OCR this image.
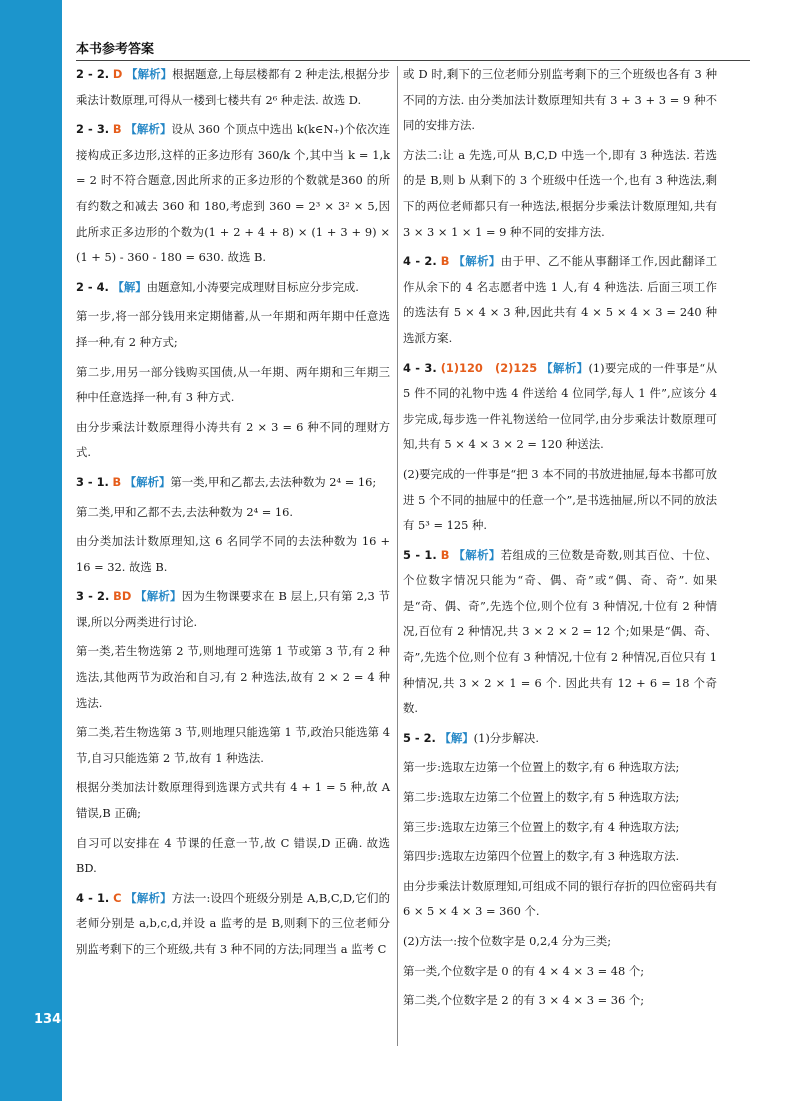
134
本书参考答案

2 - 2. D 【解析】根据题意,上每层楼都有 2 种走法,根据分步乘法计数原理,可得从一楼到七楼共有 2⁶ 种走法. 故选 D.

2 - 3. B 【解析】设从 360 个顶点中选出 k(k∈N₊)个依次连接构成正多边形,这样的正多边形有 360/k 个,其中当 k = 1,k = 2 时不符合题意,因此所求的正多边形的个数就是360 的所有约数之和减去 360 和 180,考虑到 360 = 2³ × 3² × 5,因此所求正多边形的个数为(1 + 2 + 4 + 8) × (1 + 3 + 9) × (1 + 5) - 360 - 180 = 630. 故选 B.

2 - 4. 【解】由题意知,小涛要完成理财目标应分步完成.

第一步,将一部分钱用来定期储蓄,从一年期和两年期中任意选择一种,有 2 种方式;

第二步,用另一部分钱购买国债,从一年期、两年期和三年期三种中任意选择一种,有 3 种方式.

由分步乘法计数原理得小涛共有 2 × 3 = 6 种不同的理财方式.

3 - 1. B 【解析】第一类,甲和乙都去,去法种数为 2⁴ = 16;

第二类,甲和乙都不去,去法种数为 2⁴ = 16.

由分类加法计数原理知,这 6 名同学不同的去法种数为 16 + 16 = 32. 故选 B.

3 - 2. BD 【解析】因为生物课要求在 B 层上,只有第 2,3 节课,所以分两类进行讨论.

第一类,若生物选第 2 节,则地理可选第 1 节或第 3 节,有 2 种选法,其他两节为政治和自习,有 2 种选法,故有 2 × 2 = 4 种选法.

第二类,若生物选第 3 节,则地理只能选第 1 节,政治只能选第 4 节,自习只能选第 2 节,故有 1 种选法.

根据分类加法计数原理得到选课方式共有 4 + 1 = 5 种,故 A 错误,B 正确;

自习可以安排在 4 节课的任意一节,故 C 错误,D 正确. 故选BD.

4 - 1. C 【解析】方法一:设四个班级分别是 A,B,C,D,它们的老师分别是 a,b,c,d,并设 a 监考的是 B,则剩下的三位老师分别监考剩下的三个班级,共有 3 种不同的方法;同理当 a 监考 C

或 D 时,剩下的三位老师分别监考剩下的三个班级也各有 3 种不同的方法. 由分类加法计数原理知共有 3 + 3 + 3 = 9 种不同的安排方法.

方法二:让 a 先选,可从 B,C,D 中选一个,即有 3 种选法. 若选的是 B,则 b 从剩下的 3 个班级中任选一个,也有 3 种选法,剩下的两位老师都只有一种选法,根据分步乘法计数原理知,共有 3 × 3 × 1 × 1 = 9 种不同的安排方法.

4 - 2. B 【解析】由于甲、乙不能从事翻译工作,因此翻译工作从余下的 4 名志愿者中选 1 人,有 4 种选法. 后面三项工作的选法有 5 × 4 × 3 种,因此共有 4 × 5 × 4 × 3 = 240 种选派方案.

4 - 3. (1)120　(2)125 【解析】(1)要完成的一件事是“从 5 件不同的礼物中选 4 件送给 4 位同学,每人 1 件”,应该分 4 步完成,每步选一件礼物送给一位同学,由分步乘法计数原理可知,共有 5 × 4 × 3 × 2 = 120 种送法.

(2)要完成的一件事是“把 3 本不同的书放进抽屉,每本书都可放进 5 个不同的抽屉中的任意一个”,是书选抽屉,所以不同的放法有 5³ = 125 种.

5 - 1. B 【解析】若组成的三位数是奇数,则其百位、十位、个位数字情况只能为“奇、偶、奇”或“偶、奇、奇”. 如果是“奇、偶、奇”,先选个位,则个位有 3 种情况,十位有 2 种情况,百位有 2 种情况,共 3 × 2 × 2 = 12 个;如果是“偶、奇、奇”,先选个位,则个位有 3 种情况,十位有 2 种情况,百位只有 1 种情况,共 3 × 2 × 1 = 6 个. 因此共有 12 + 6 = 18 个奇数.

5 - 2. 【解】(1)分步解决.

第一步:选取左边第一个位置上的数字,有 6 种选取方法;

第二步:选取左边第二个位置上的数字,有 5 种选取方法;

第三步:选取左边第三个位置上的数字,有 4 种选取方法;

第四步:选取左边第四个位置上的数字,有 3 种选取方法.

由分步乘法计数原理知,可组成不同的银行存折的四位密码共有 6 × 5 × 4 × 3 = 360 个.

(2)方法一:按个位数字是 0,2,4 分为三类;

第一类,个位数字是 0 的有 4 × 4 × 3 = 48 个;

第二类,个位数字是 2 的有 3 × 4 × 3 = 36 个;
